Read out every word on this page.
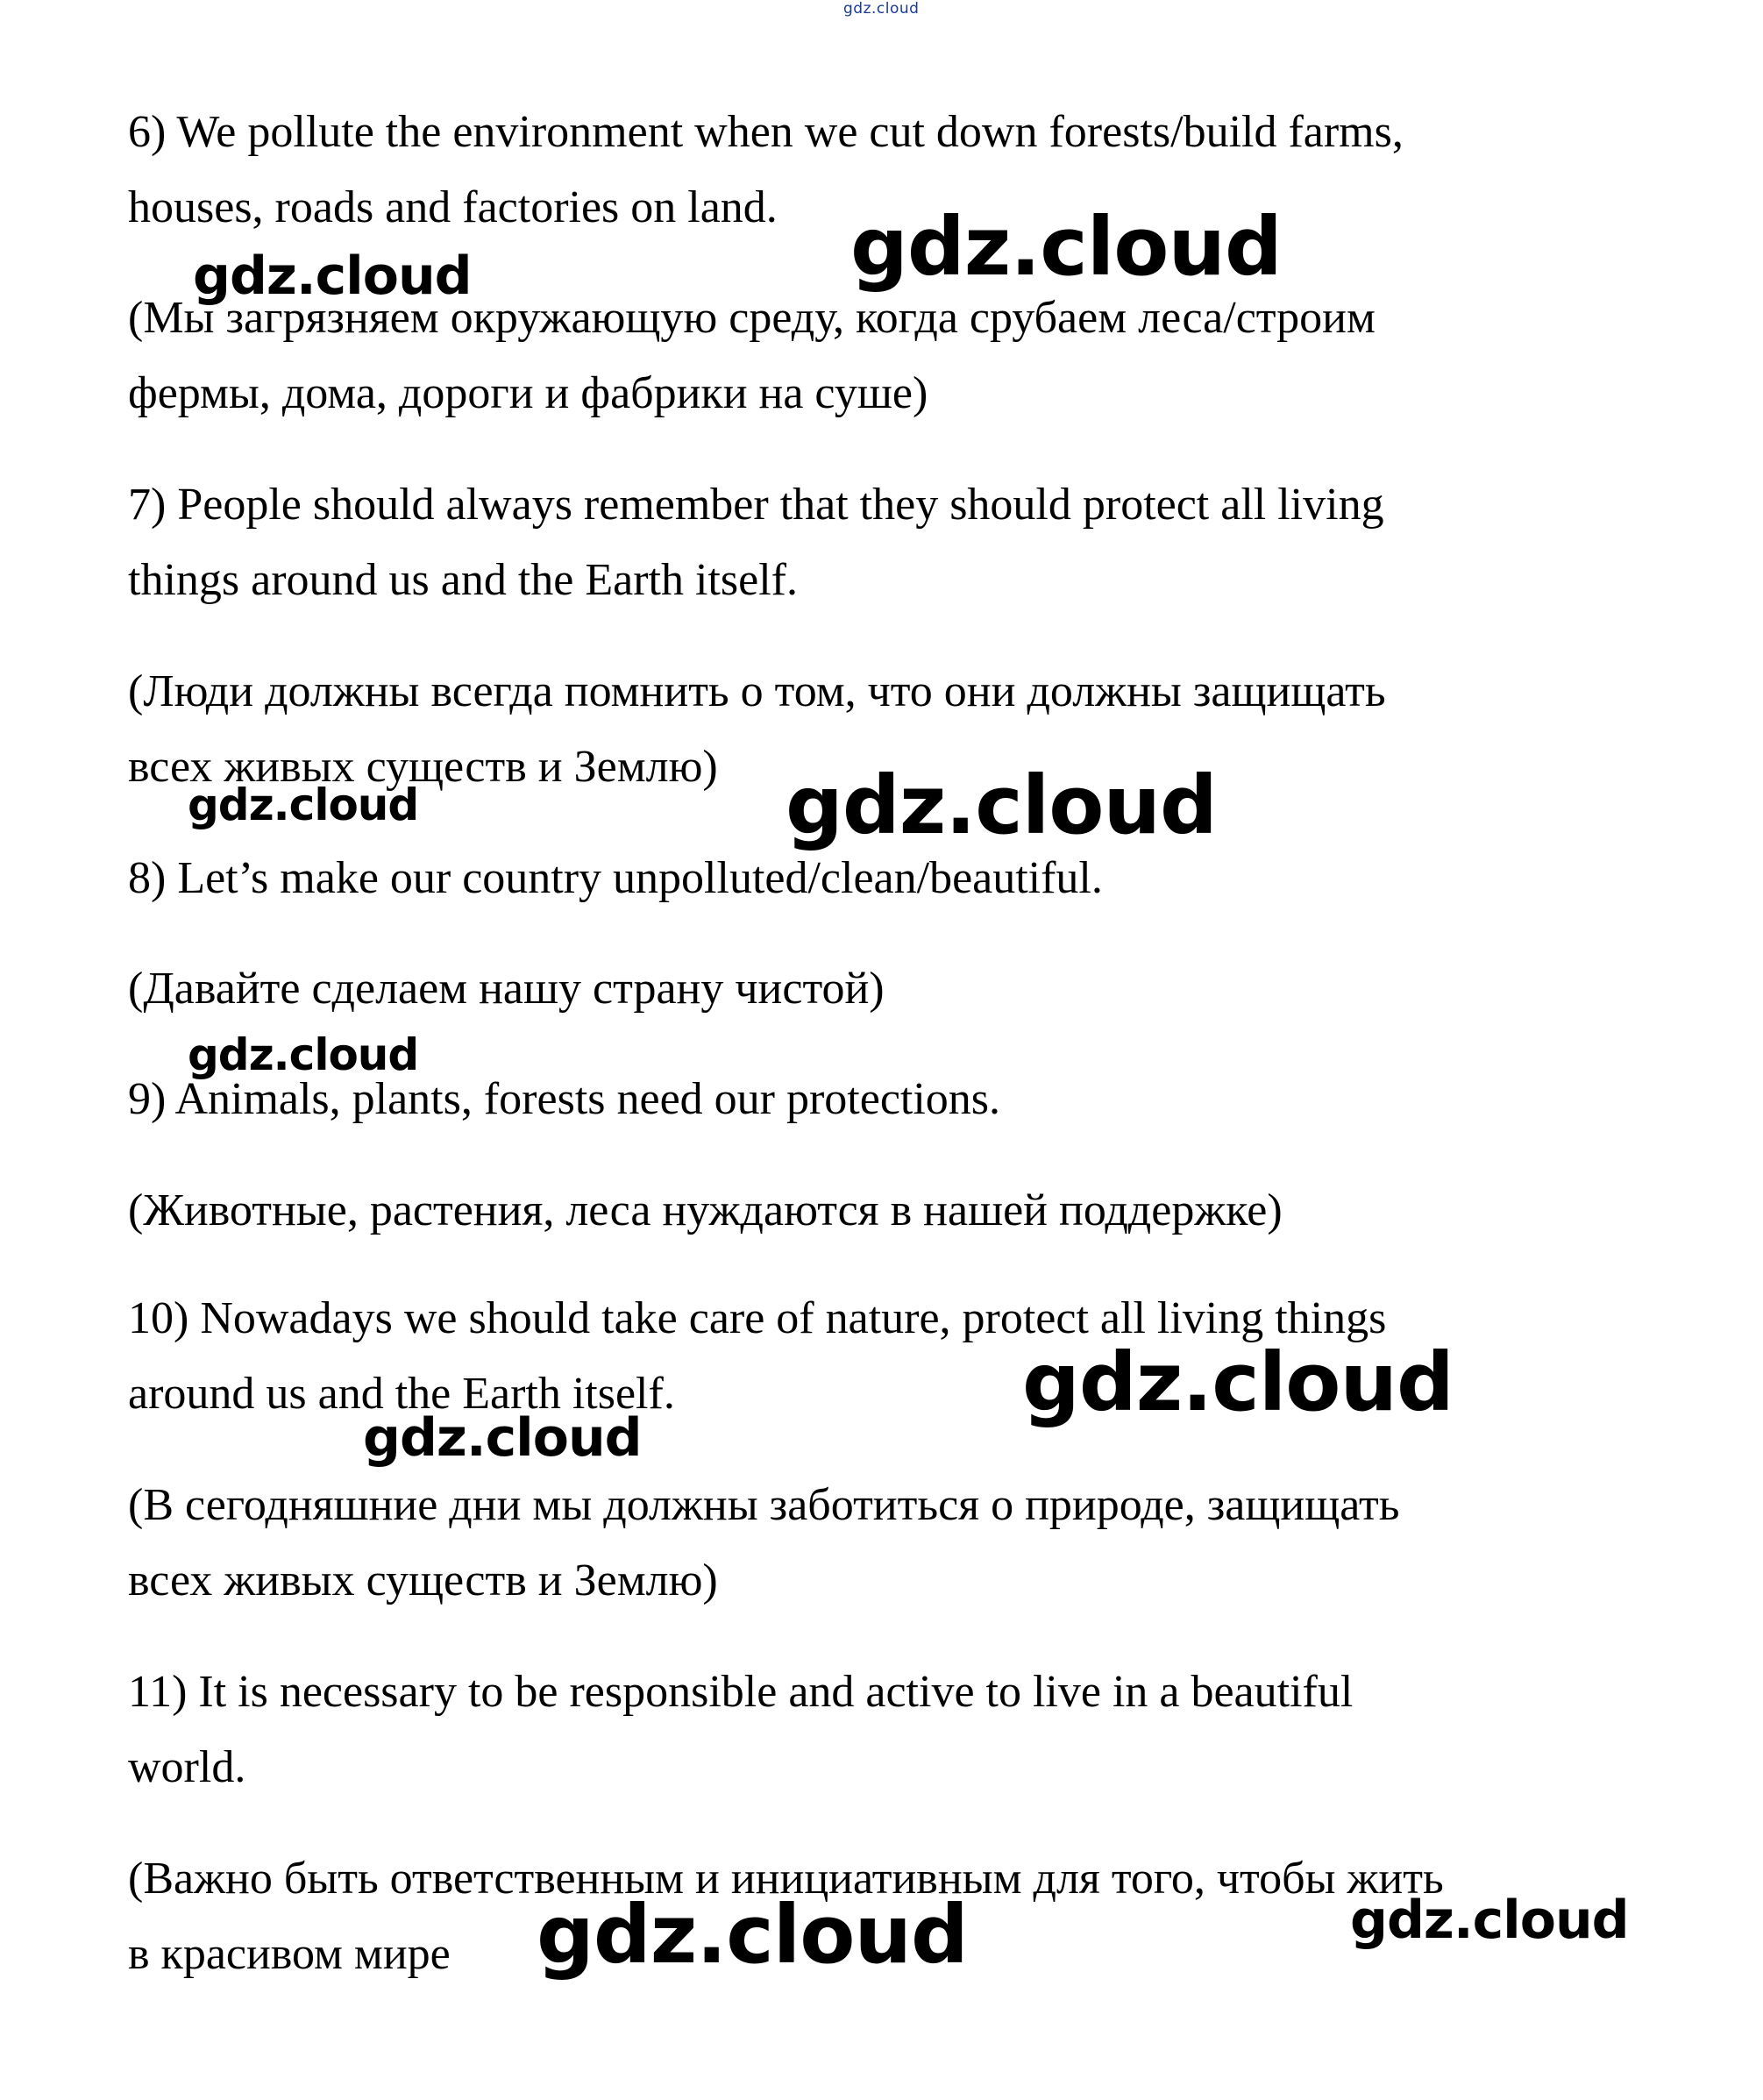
gdz.cloud

6) We pollute the environment when we cut down forests/build farms,
houses, roads and factories on land.

(Мы загрязняем окружающую среду, когда срубаем леса/строим
фермы, дома, дороги и фабрики на суше)

7) People should always remember that they should protect all living
things around us and the Earth itself.

(Люди должны всегда помнить о том, что они должны защищать
всех живых существ и Землю)

8) Let’s make our country unpolluted/clean/beautiful.

(Давайте сделаем нашу страну чистой)

9) Animals, plants, forests need our protections.

(Животные, растения, леса нуждаются в нашей поддержке)

10) Nowadays we should take care of nature, protect all living things
around us and the Earth itself.

(В сегодняшние дни мы должны заботиться о природе, защищать
всех живых существ и Землю)

11) It is necessary to be responsible and active to live in a beautiful
world.

(Важно быть ответственным и инициативным для того, чтобы жить
в красивом мире

gdz.cloud
gdz.cloud
gdz.cloud
gdz.cloud
gdz.cloud
gdz.cloud
gdz.cloud
gdz.cloud	gdz.cloud
